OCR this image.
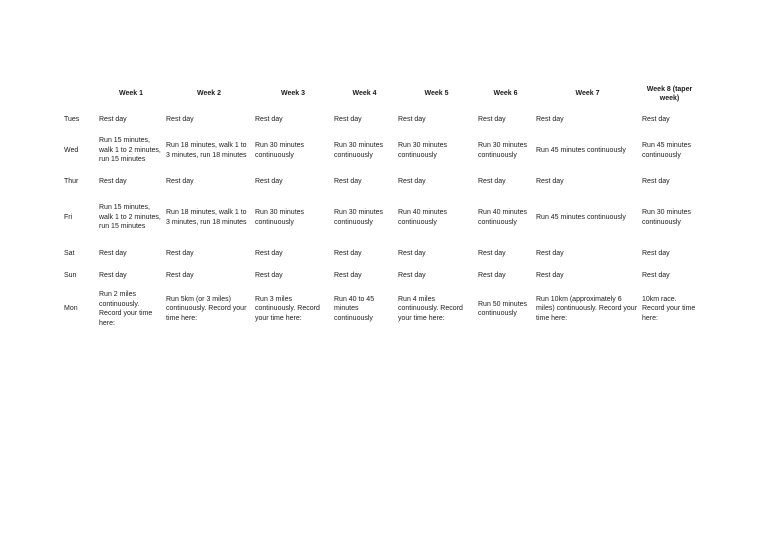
	Week 1	Week 2	Week 3	Week 4	Week 5	Week 6	Week 7	Week 8 (taper week)
Tues	Rest day	Rest day	Rest day	Rest day	Rest day	Rest day	Rest day	Rest day
Wed	Run 15 minutes, walk 1 to 2 minutes, run 15 minutes	Run 18 minutes, walk 1 to 3 minutes, run 18 minutes	Run 30 minutes continuously	Run 30 minutes continuously	Run 30 minutes continuously	Run 30 minutes continuously	Run 45 minutes continuously	Run 45 minutes continuously
Thur	Rest day	Rest day	Rest day	Rest day	Rest day	Rest day	Rest day	Rest day
Fri	Run 15 minutes, walk 1 to 2 minutes, run 15 minutes	Run 18 minutes, walk 1 to 3 minutes, run 18 minutes	Run 30 minutes continuously	Run 30 minutes continuously	Run 40 minutes continuously	Run 40 minutes continuously	Run 45 minutes continuously	Run 30 minutes continuously
Sat	Rest day	Rest day	Rest day	Rest day	Rest day	Rest day	Rest day	Rest day
Sun	Rest day	Rest day	Rest day	Rest day	Rest day	Rest day	Rest day	Rest day
Mon	Run 2 miles continuously. Record your time here:	Run 5km (or 3 miles) continuously. Record your time here:	Run 3 miles continuously. Record your time here:	Run 40 to 45 minutes continuously	Run 4 miles continuously. Record your time here:	Run 50 minutes continuously	Run 10km (approximately 6 miles) continuously. Record your time here:	10km race. Record your time here:
